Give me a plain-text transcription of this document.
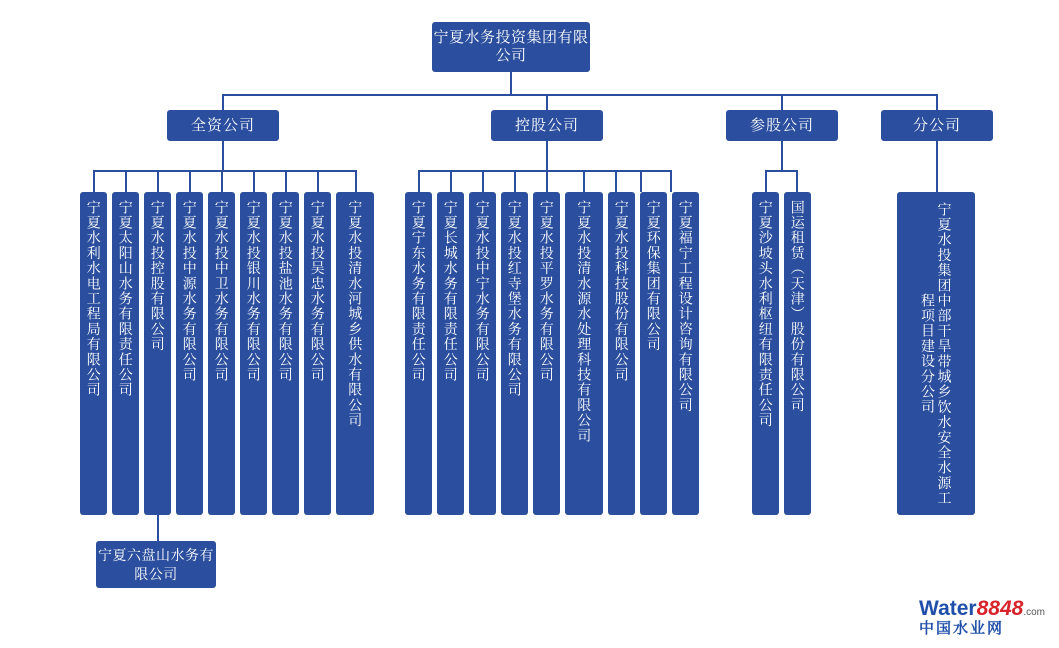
宁夏水务投资集团有限公司
全资公司	控股公司	参股公司	分公司
宁夏水利水电工程局有限公司 宁夏太阳山水务有限责任公司 宁夏水投控股有限公司 宁夏水投中源水务有限公司 宁夏水投中卫水务有限公司 宁夏水投银川水务有限公司 宁夏水投盐池水务有限公司 宁夏水投吴忠水务有限公司 宁夏水投清水河城乡供水有限公司
宁夏六盘山水务有限公司
宁夏宁东水务有限责任公司 宁夏长城水务有限责任公司 宁夏水投中宁水务有限公司 宁夏水投红寺堡水务有限公司 宁夏水投平罗水务有限公司 宁夏水投清水源水处理科技有限公司 宁夏水投科技股份有限公司 宁夏环保集团有限公司 宁夏福宁工程设计咨询有限公司	宁夏沙坡头水利枢纽有限责任公司 国运租赁（天津）股份有限公司	宁夏水投集团中部干旱带城乡饮水安全水源工程项目建设分公司
Water8848.com
中国水业网
